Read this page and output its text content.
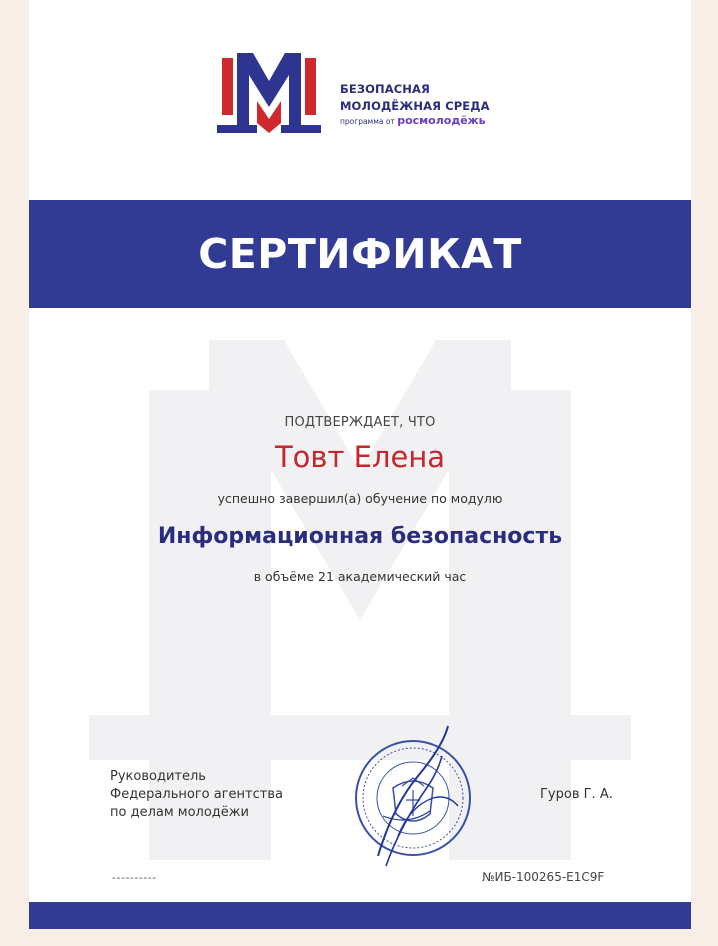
БЕЗОПАСНАЯ
МОЛОДЁЖНАЯ СРЕДА
программа от росмолодёжь
СЕРТИФИКАТ
ПОДТВЕРЖДАЕТ, ЧТО
Товт Елена
успешно завершил(а) обучение по модулю
Информационная безопасность
в объёме 21 академический час
Руководитель
Федерального агентства
по делам молодёжи
Гуров Г. А.
----------	№ИБ-100265-E1C9F
